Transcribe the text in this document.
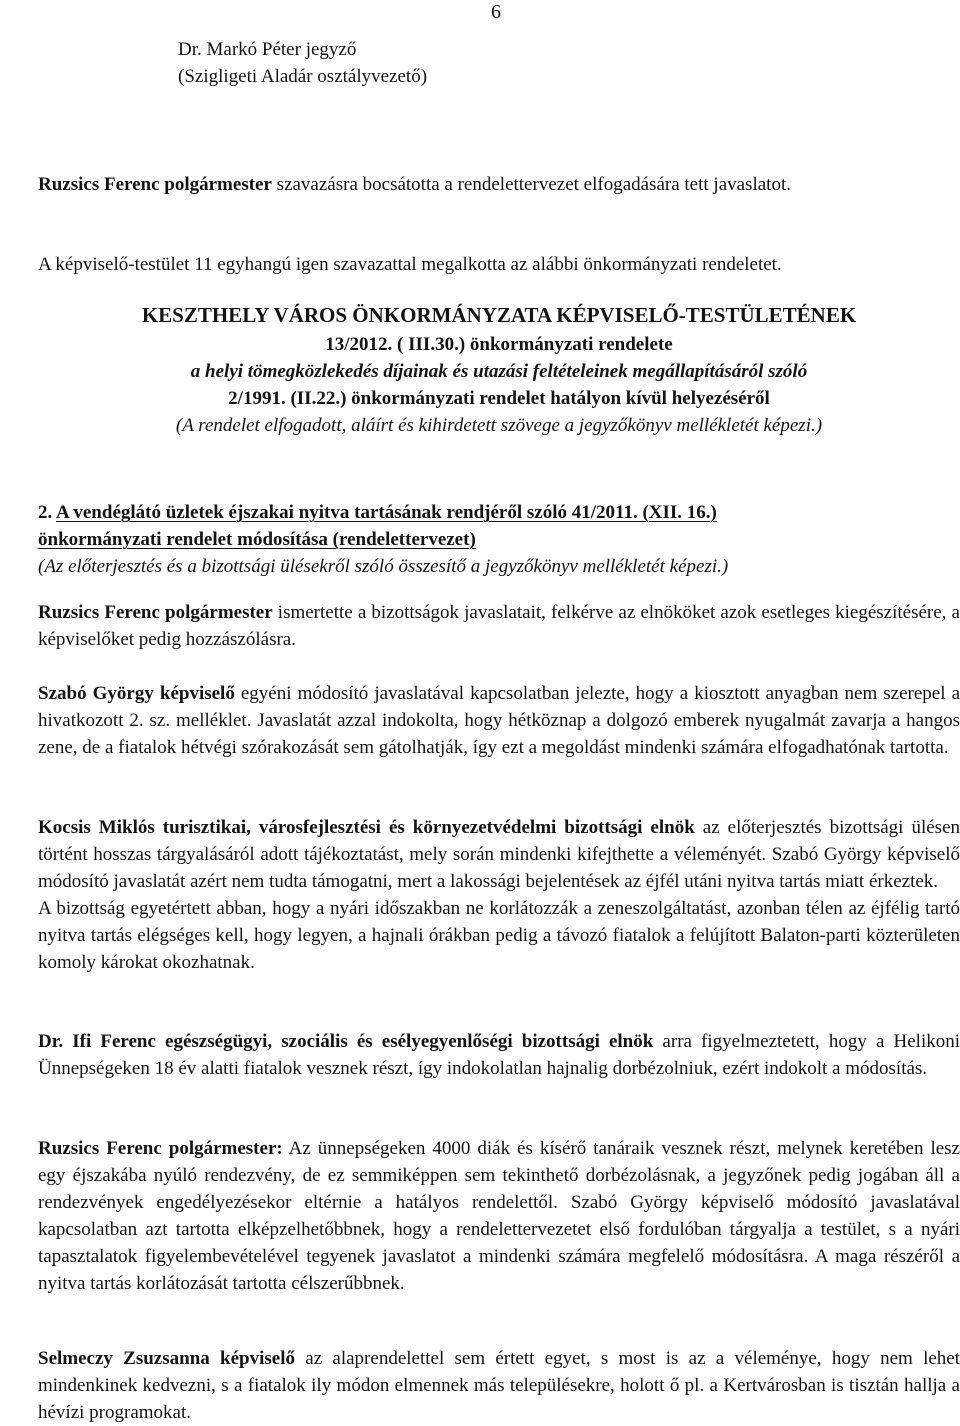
6

Dr. Markó Péter jegyző

(Szigligeti Aladár osztályvezető)

Ruzsics Ferenc polgármester szavazásra bocsátotta a rendelettervezet elfogadására tett javaslatot.

A képviselő-testület 11 egyhangú igen szavazattal megalkotta az alábbi önkormányzati rendeletet.

KESZTHELY VÁROS ÖNKORMÁNYZATA KÉPVISELŐ-TESTÜLETÉNEK

13/2012. ( III.30.) önkormányzati rendelete

a helyi tömegközlekedés díjainak és utazási feltételeinek megállapításáról szóló

2/1991. (II.22.) önkormányzati rendelet hatályon kívül helyezéséről

(A rendelet elfogadott, aláírt és kihirdetett szövege a jegyzőkönyv mellékletét képezi.)

2. A vendéglátó üzletek éjszakai nyitva tartásának rendjéről szóló 41/2011. (XII. 16.)

önkormányzati rendelet módosítása (rendelettervezet)

(Az előterjesztés és a bizottsági ülésekről szóló összesítő a jegyzőkönyv mellékletét képezi.)

Ruzsics Ferenc polgármester ismertette a bizottságok javaslatait, felkérve az elnököket azok esetleges kiegészítésére, a képviselőket pedig hozzászólásra.

Szabó György képviselő egyéni módosító javaslatával kapcsolatban jelezte, hogy a kiosztott anyagban nem szerepel a hivatkozott 2. sz. melléklet. Javaslatát azzal indokolta, hogy hétköznap a dolgozó emberek nyugalmát zavarja a hangos zene, de a fiatalok hétvégi szórakozását sem gátolhatják, így ezt a megoldást mindenki számára elfogadhatónak tartotta.

Kocsis Miklós turisztikai, városfejlesztési és környezetvédelmi bizottsági elnök az előterjesztés bizottsági ülésen történt hosszas tárgyalásáról adott tájékoztatást, mely során mindenki kifejthette a véleményét. Szabó György képviselő módosító javaslatát azért nem tudta támogatni, mert a lakossági bejelentések az éjfél utáni nyitva tartás miatt érkeztek.

A bizottság egyetértett abban, hogy a nyári időszakban ne korlátozzák a zeneszolgáltatást, azonban télen az éjfélig tartó nyitva tartás elégséges kell, hogy legyen, a hajnali órákban pedig a távozó fiatalok a felújított Balaton-parti közterületen komoly károkat okozhatnak.

Dr. Ifi Ferenc egészségügyi, szociális és esélyegyenlőségi bizottsági elnök arra figyelmeztetett, hogy a Helikoni Ünnepségeken 18 év alatti fiatalok vesznek részt, így indokolatlan hajnalig dorbézolniuk, ezért indokolt a módosítás.

Ruzsics Ferenc polgármester: Az ünnepségeken 4000 diák és kísérő tanáraik vesznek részt, melynek keretében lesz egy éjszakába nyúló rendezvény, de ez semmiképpen sem tekinthető dorbézolásnak, a jegyzőnek pedig jogában áll a rendezvények engedélyezésekor eltérnie a hatályos rendelettől. Szabó György képviselő módosító javaslatával kapcsolatban azt tartotta elképzelhetőbbnek, hogy a rendelettervezetet első fordulóban tárgyalja a testület, s a nyári tapasztalatok figyelembevételével tegyenek javaslatot a mindenki számára megfelelő módosításra. A maga részéről a nyitva tartás korlátozását tartotta célszerűbbnek.

Selmeczy Zsuzsanna képviselő az alaprendelettel sem értett egyet, s most is az a véleménye, hogy nem lehet mindenkinek kedvezni, s a fiatalok ily módon elmennek más településekre, holott ő pl. a Kertvárosban is tisztán hallja a hévízi programokat.
